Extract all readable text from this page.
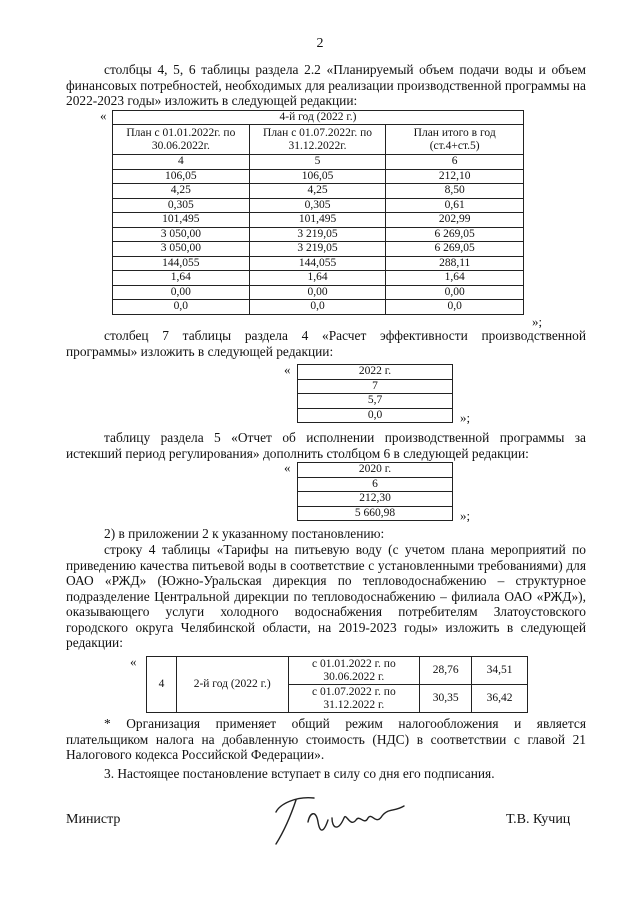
2
столбцы 4, 5, 6 таблицы раздела 2.2 «Планируемый объем подачи воды и объем финансовых потребностей, необходимых для реализации производственной программы на 2022-2023 годы» изложить в следующей редакции:
«	4-й год (2022 г.)		
План с 01.01.2022г. по 30.06.2022г.	План с 01.07.2022г. по 31.12.2022г.	План итого в год (ст.4+ст.5)
4	5	6
106,05	106,05	212,10
4,25	4,25	8,50
0,305	0,305	0,61
101,495	101,495	202,99
3 050,00	3 219,05	6 269,05
3 050,00	3 219,05	6 269,05
144,055	144,055	288,11
1,64	1,64	1,64
0,00	0,00	0,00
0,0	0,0	0,0
»;
столбец 7 таблицы раздела 4 «Расчет эффективности производственной программы» изложить в следующей редакции:
«	2022 г.
7
5,7
0,0	»;
таблицу раздела 5 «Отчет об исполнении производственной программы за истекший период регулирования» дополнить столбцом 6 в следующей редакции:
«	2020 г.
6
212,30
5 660,98	»;
2) в приложении 2 к указанному постановлению:
строку 4 таблицы «Тарифы на питьевую воду (с учетом плана мероприятий по приведению качества питьевой воды в соответствие с установленными требованиями) для ОАО «РЖД» (Южно-Уральская дирекция по тепловодоснабжению – структурное подразделение Центральной дирекции по тепловодоснабжению – филиала ОАО «РЖД»), оказывающего услуги холодного водоснабжения потребителям Златоустовского городского округа Челябинской области, на 2019-2023 годы» изложить в следующей редакции:
«
4	2-й год (2022 г.)	с 01.01.2022 г. по 30.06.2022 г.	28,76	34,51
		с 01.07.2022 г. по 31.12.2022 г.	30,35	36,42
* Организация применяет общий режим налогообложения и является плательщиком налога на добавленную стоимость (НДС) в соответствии с главой 21 Налогового кодекса Российской Федерации».
3. Настоящее постановление вступает в силу со дня его подписания.
Министр	Т.В. Кучиц
